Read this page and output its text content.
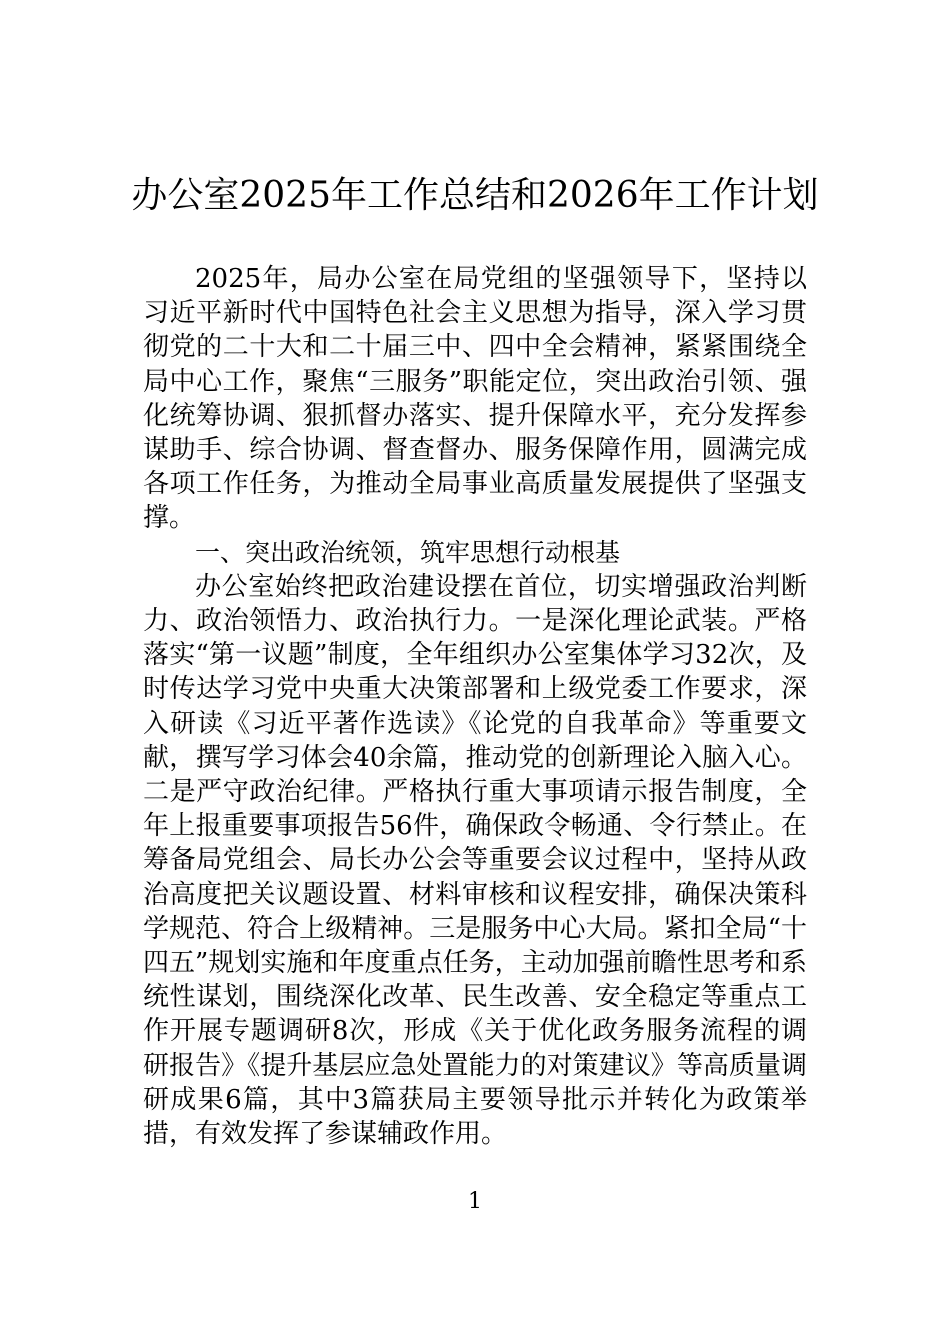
办公室2025年工作总结和2026年工作计划

2025年，局办公室在局党组的坚强领导下，坚持以习近平新时代中国特色社会主义思想为指导，深入学习贯彻党的二十大和二十届三中、四中全会精神，紧紧围绕全局中心工作，聚焦“三服务”职能定位，突出政治引领、强化统筹协调、狠抓督办落实、提升保障水平，充分发挥参谋助手、综合协调、督查督办、服务保障作用，圆满完成各项工作任务，为推动全局事业高质量发展提供了坚强支撑。

一、突出政治统领，筑牢思想行动根基

办公室始终把政治建设摆在首位，切实增强政治判断力、政治领悟力、政治执行力。一是深化理论武装。严格落实“第一议题”制度，全年组织办公室集体学习32次，及时传达学习党中央重大决策部署和上级党委工作要求，深入研读《习近平著作选读》《论党的自我革命》等重要文献，撰写学习体会40余篇，推动党的创新理论入脑入心。二是严守政治纪律。严格执行重大事项请示报告制度，全年上报重要事项报告56件，确保政令畅通、令行禁止。在筹备局党组会、局长办公会等重要会议过程中，坚持从政治高度把关议题设置、材料审核和议程安排，确保决策科学规范、符合上级精神。三是服务中心大局。紧扣全局“十四五”规划实施和年度重点任务，主动加强前瞻性思考和系统性谋划，围绕深化改革、民生改善、安全稳定等重点工作开展专题调研8次，形成《关于优化政务服务流程的调研报告》《提升基层应急处置能力的对策建议》等高质量调研成果6篇，其中3篇获局主要领导批示并转化为政策举措，有效发挥了参谋辅政作用。

1
